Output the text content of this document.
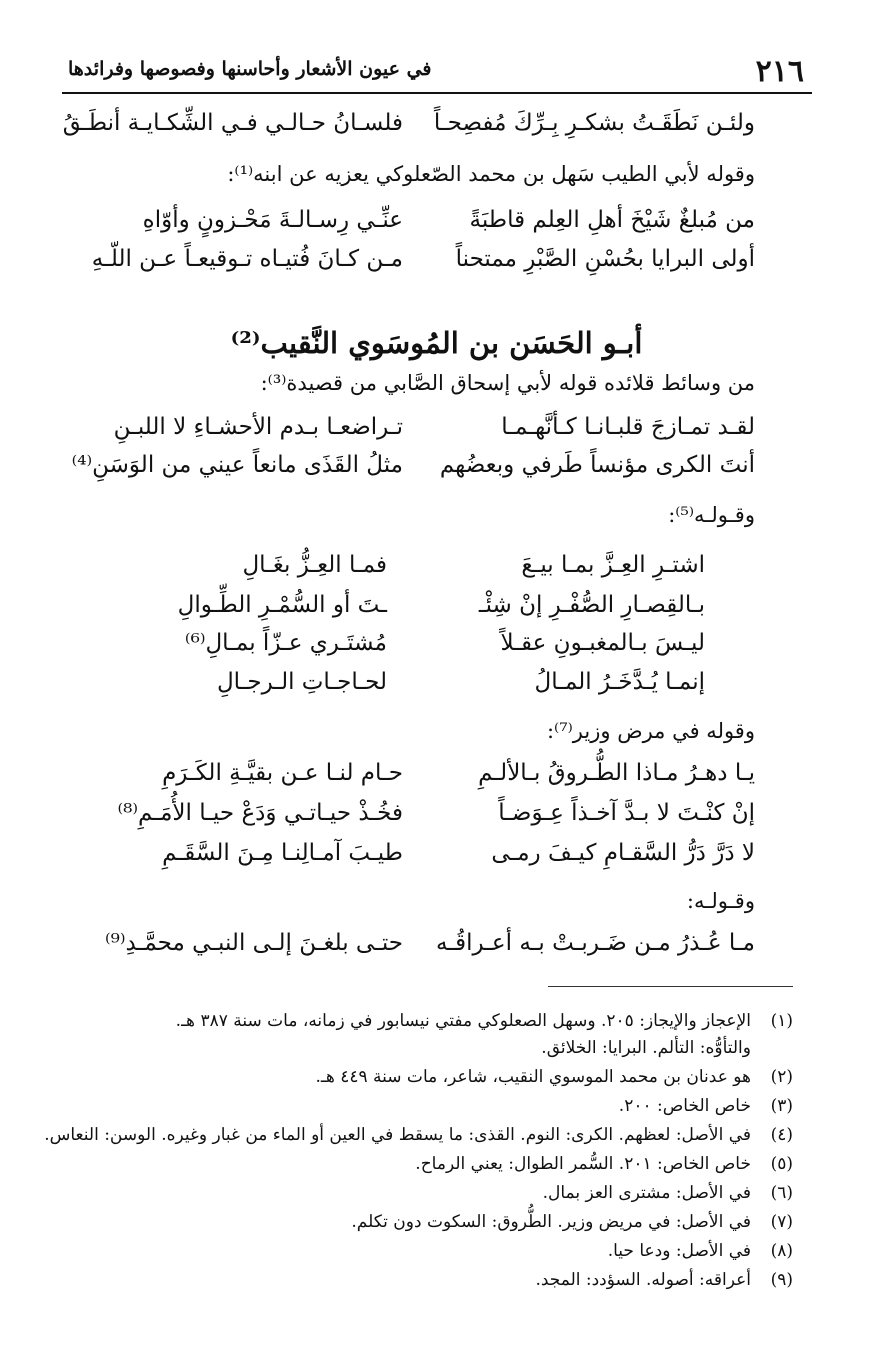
٢١٦
في عيون الأشعار وأحاسنها وفصوصها وفرائدها
ولئـن نَطَقَـتُ بشكـرِ بِـرِّكَ مُفصِحـاً
فلسـانُ حـالـي فـي الشِّكـايـة أنطَـقُ
وقوله لأبي الطيب سَهل بن محمد الصّعلوكي يعزيه عن ابنه⁽¹⁾:
من مُبلغٌ شَيْخَ أهلِ العِلم قاطبَةً
عنِّـي رِسـالـةَ مَحْـزونٍ وأوّاهِ
أولى البرايا بحُسْنِ الصَّبْرِ ممتحناً
مـن كـانَ فُتيـاه تـوقيعـاً عـن اللّـهِ
أبـو الحَسَن بن المُوسَوي النَّقيب⁽²⁾
من وسائط قلائده قوله لأبي إسحاق الصَّابي من قصيدة⁽³⁾:
لقـد تمـازجَ قلبـانـا كـأنَّهـمـا
تـراضعـا بـدم الأحشـاءِ لا اللبـنِ
أنتَ الكرى مؤنساً طَرفي وبعضُهم
مثلُ القَذَى مانعاً عيني من الوَسَنِ⁽⁴⁾
وقـولـه⁽⁵⁾:
اشتـرِ العِـزَّ بمـا بيـعَ
فمـا العِـزُّ بغَـالِ
بـالقِصـارِ الصُّفْـرِ إنْ شِئْـ
ـتَ أو السُّمْـرِ الطِّـوالِ
ليـسَ بـالمغبـونِ عقـلاً
مُشتَـري عـزّاً بمـالِ⁽⁶⁾
إنمـا يُـدَّخَـرُ المـالُ
لحـاجـاتِ الـرجـالِ
وقوله في مرض وزير⁽⁷⁾:
يـا دهـرُ مـاذا الطُّـروقُ بـالألـمِ
حـام لنـا عـن بقيَّـةِ الكَـرَمِ
إنْ كنْـتَ لا بـدَّ آخـذاً عِـوَضـاً
فخُـذْ حيـاتـي وَدَعْ حيـا الأُمَـمِ⁽⁸⁾
لا دَرَّ دَرُّ السَّقـامِ كيـفَ رمـى
طيـبَ آمـالِنـا مِـنَ السَّقَـمِ
وقـولـه:
مـا عُـذرُ مـن ضَـربـتْ بـه أعـراقُـه
حتـى بلغـنَ إلـى النبـي محمَّـدِ⁽⁹⁾
(١)الإعجاز والإيجاز: ٢٠٥. وسهل الصعلوكي مفتي نيسابور في زمانه، مات سنة ٣٨٧ هـ.
والتأوُّه: التألم. البرايا: الخلائق.
(٢)هو عدنان بن محمد الموسوي النقيب، شاعر، مات سنة ٤٤٩ هـ.
(٣)خاص الخاص: ٢٠٠.
(٤)في الأصل: لعظهم. الكرى: النوم. القذى: ما يسقط في العين أو الماء من غبار وغيره. الوسن: النعاس.
(٥)خاص الخاص: ٢٠١. السُّمر الطوال: يعني الرماح.
(٦)في الأصل: مشترى العز بمال.
(٧)في الأصل: في مريض وزير. الطُّروق: السكوت دون تكلم.
(٨)في الأصل: ودعا حيا.
(٩)أعراقه: أصوله. السؤدد: المجد.
